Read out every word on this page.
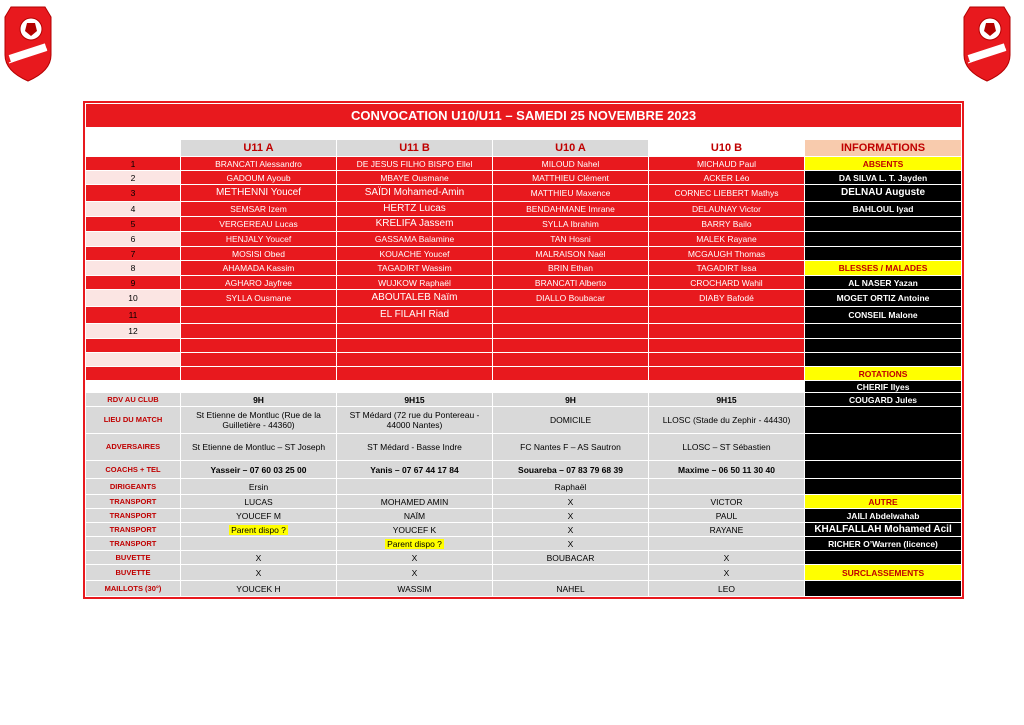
CONVOCATION U10/U11 – SAMEDI 25 NOVEMBRE 2023					

	U11 A	U11 B	U10 A	U10 B	INFORMATIONS
1	BRANCATI Alessandro	DE JESUS FILHO BISPO Ellel	MILOUD Nahel	MICHAUD Paul	ABSENTS
2	GADOUM Ayoub	MBAYE Ousmane	MATTHIEU Clément	ACKER Léo	DA SILVA L. T. Jayden
3	METHENNI Youcef	SAÏDI Mohamed-Amin	MATTHIEU Maxence	CORNEC LIEBERT Mathys	DELNAU Auguste
4	SEMSAR Izem	HERTZ Lucas	BENDAHMANE Imrane	DELAUNAY Victor	BAHLOUL Iyad
5	VERGEREAU Lucas	KRELIFA Jassem	SYLLA Ibrahim	BARRY Bailo	
6	HENJALY Youcef	GASSAMA Balamine	TAN Hosni	MALEK Rayane	
7	MOSISI Obed	KOUACHE Youcef	MALRAISON Naël	MCGAUGH Thomas	
8	AHAMADA Kassim	TAGADIRT Wassim	BRIN Ethan	TAGADIRT Issa	BLESSES / MALADES
9	AGHARO Jayfree	WUJKOW Raphaël	BRANCATI Alberto	CROCHARD Wahil	AL NASER Yazan
10	SYLLA Ousmane	ABOUTALEB Naïm	DIALLO Boubacar	DIABY Bafodé	MOGET ORTIZ Antoine
11		EL FILAHI Riad			CONSEIL Malone
12					

					ROTATIONS
					CHERIF Ilyes
RDV AU CLUB	9H	9H15	9H	9H15	COUGARD Jules
LIEU DU MATCH	St Etienne de Montluc (Rue de la Guilletière - 44360)	ST Médard (72 rue du Pontereau - 44000 Nantes)	DOMICILE	LLOSC (Stade du Zephir - 44430)	
ADVERSAIRES	St Etienne de Montluc – ST Joseph	ST Médard - Basse Indre	FC Nantes F – AS Sautron	LLOSC – ST Sébastien	
COACHS + TEL	Yasseir – 07 60 03 25 00	Yanis – 07 67 44 17 84	Souareba – 07 83 79 68 39	Maxime – 06 50 11 30 40	
DIRIGEANTS	Ersin		Raphaël		
TRANSPORT	LUCAS	MOHAMED AMIN	X	VICTOR	AUTRE
TRANSPORT	YOUCEF M	NAÏM	X	PAUL	JAILI Abdelwahab
TRANSPORT	Parent dispo ?	YOUCEF K	X	RAYANE	KHALFALLAH Mohamed Acil
TRANSPORT		Parent dispo ?	X		RICHER O’Warren (licence)
BUVETTE	X	X	BOUBACAR	X	
BUVETTE	X	X		X	SURCLASSEMENTS
MAILLOTS (30°)	YOUCEK H	WASSIM	NAHEL	LEO	
